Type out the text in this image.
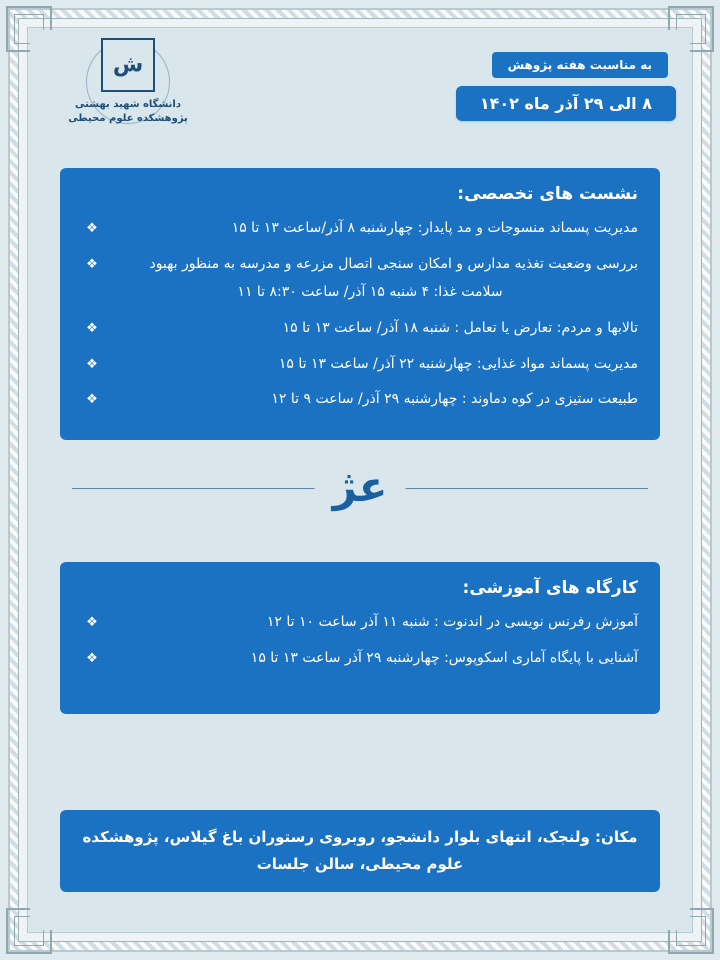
به مناسبت هفته پژوهش
۸ الی ۲۹ آذر ماه ۱۴۰۲
ش
دانشگاه شهید بهشتی پژوهشکده علوم محیطی
نشست های تخصصی:
❖	مدیریت پسماند منسوجات و مد پایدار: چهارشنبه ۸ آذر/ساعت ۱۳ تا ۱۵
❖	بررسی وضعیت تغذیه مدارس و امکان سنجی اتصال مزرعه و مدرسه به منظور بهبود
سلامت غذا: ۴ شنبه ۱۵ آذر/ ساعت ۸:۳۰ تا ۱۱
❖	تالابها و مردم: تعارض یا تعامل : شنبه ۱۸ آذر/ ساعت ۱۳ تا ۱۵
❖	مدیریت پسماند مواد غذایی: چهارشنبه ۲۲ آذر/ ساعت ۱۳ تا ۱۵
❖	طبیعت ستیزی در کوه دماوند : چهارشنبه ۲۹ آذر/ ساعت ۹ تا ۱۲
ﻋﮋ
کارگاه های آموزشی:
❖	آموزش رفرنس نویسی در اندنوت : شنبه ۱۱ آذر ساعت ۱۰ تا ۱۲
❖	آشنایی با پایگاه آماری اسکوپوس: چهارشنبه ۲۹ آذر ساعت ۱۳ تا ۱۵
مکان: ولنجک، انتهای بلوار دانشجو، روبروی رستوران باغ گیلاس، پژوهشکده علوم محیطی، سالن جلسات
